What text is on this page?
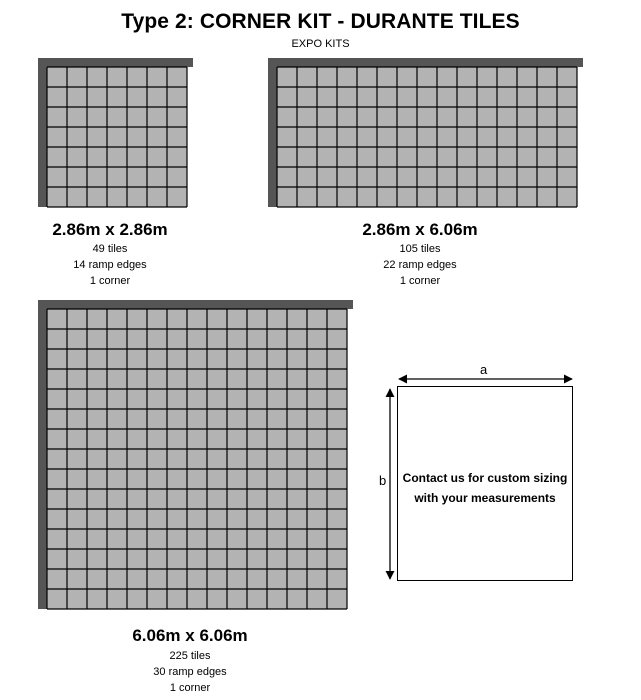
Type 2: CORNER KIT - DURANTE TILES
EXPO KITS
2.86m x 2.86m
49 tiles
14 ramp edges
1 corner
2.86m x 6.06m
105 tiles
22 ramp edges
1 corner
6.06m x 6.06m
225 tiles
30 ramp edges
1 corner
a
b	Contact us for custom sizing
with your measurements
